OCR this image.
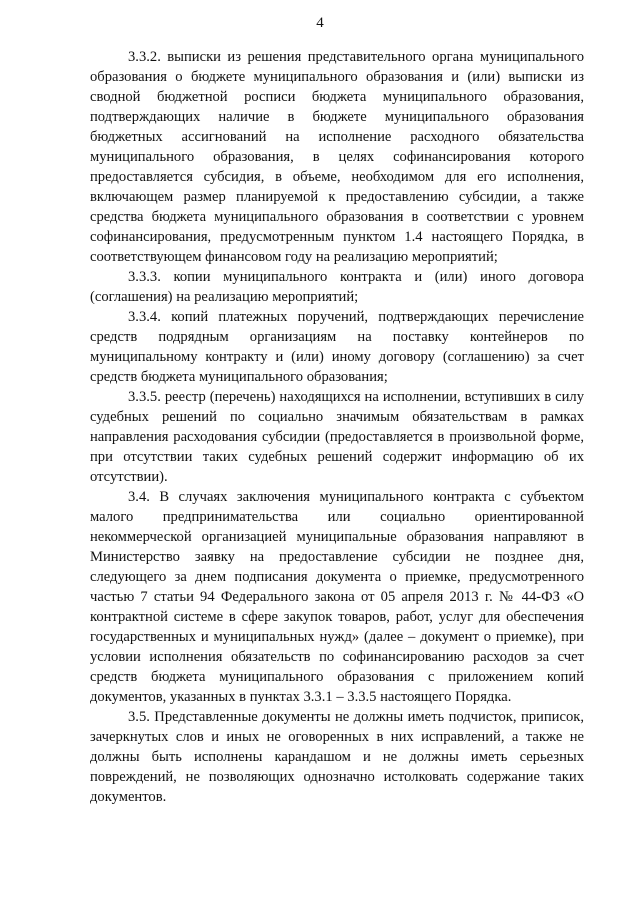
4

3.3.2. выписки из решения представительного органа муниципального образования о бюджете муниципального образования и (или) выписки из сводной бюджетной росписи бюджета муниципального образования, подтверждающих наличие в бюджете муниципального образования бюджетных ассигнований на исполнение расходного обязательства муниципального образования, в целях софинансирования которого предоставляется субсидия, в объеме, необходимом для его исполнения, включающем размер планируемой к предоставлению субсидии, а также средства бюджета муниципального образования в соответствии с уровнем софинансирования, предусмотренным пунктом 1.4 настоящего Порядка, в соответствующем финансовом году на реализацию мероприятий;

3.3.3. копии муниципального контракта и (или) иного договора (соглашения) на реализацию мероприятий;

3.3.4. копий платежных поручений, подтверждающих перечисление средств подрядным организациям на поставку контейнеров по муниципальному контракту и (или) иному договору (соглашению) за счет средств бюджета муниципального образования;

3.3.5. реестр (перечень) находящихся на исполнении, вступивших в силу судебных решений по социально значимым обязательствам в рамках направления расходования субсидии (предоставляется в произвольной форме, при отсутствии таких судебных решений содержит информацию об их отсутствии).

3.4. В случаях заключения муниципального контракта с субъектом малого предпринимательства или социально ориентированной некоммерческой организацией муниципальные образования направляют в Министерство заявку на предоставление субсидии не позднее дня, следующего за днем подписания документа о приемке, предусмотренного частью 7 статьи 94 Федерального закона от 05 апреля 2013 г. № 44-ФЗ «О контрактной системе в сфере закупок товаров, работ, услуг для обеспечения государственных и муниципальных нужд» (далее – документ о приемке), при условии исполнения обязательств по софинансированию расходов за счет средств бюджета муниципального образования с приложением копий документов, указанных в пунктах 3.3.1 – 3.3.5 настоящего Порядка.

3.5. Представленные документы не должны иметь подчисток, приписок, зачеркнутых слов и иных не оговоренных в них исправлений, а также не должны быть исполнены карандашом и не должны иметь серьезных повреждений, не позволяющих однозначно истолковать содержание таких документов.
